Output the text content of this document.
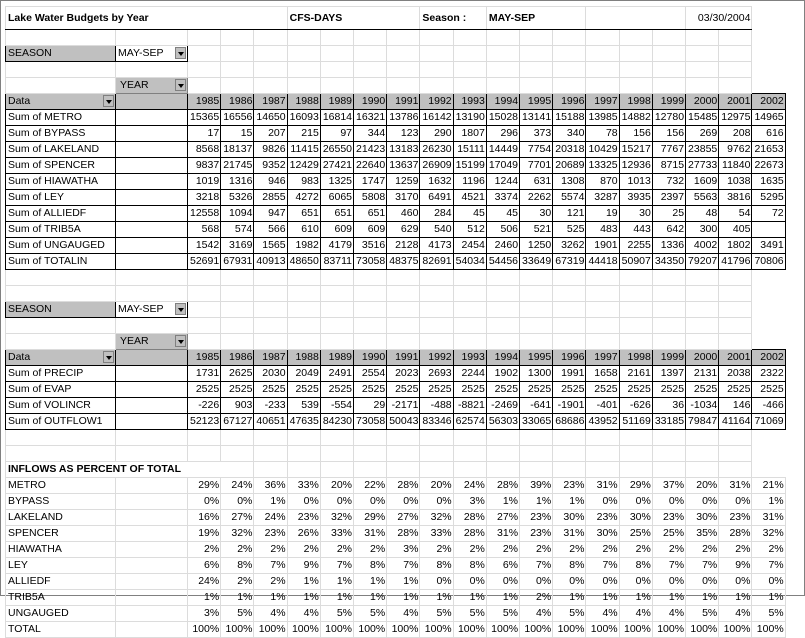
Lake Water Budgets by Year					CFS-DAYS				Season :		MAY-SEP						03/30/2004		

SEASON	MAY-SEP	

	YEAR	

Data		1985	1986	1987	1988	1989	1990	1991	1992	1993	1994	1995	1996	1997	1998	1999	2000	2001	2002
Sum of METRO		15365	16556	14650	16093	16814	16321	13786	16142	13190	15028	13141	15188	13985	14882	12780	15485	12975	14965
Sum of BYPASS		17	15	207	215	97	344	123	290	1807	296	373	340	78	156	156	269	208	616
Sum of LAKELAND		8568	18137	9826	11415	26550	21423	13183	26230	15111	14449	7754	20318	10429	15217	7767	23855	9762	21653
Sum of SPENCER		9837	21745	9352	12429	27421	22640	13637	26909	15199	17049	7701	20689	13325	12936	8715	27733	11840	22673
Sum of HIAWATHA		1019	1316	946	983	1325	1747	1259	1632	1196	1244	631	1308	870	1013	732	1609	1038	1635
Sum of LEY		3218	5326	2855	4272	6065	5808	3170	6491	4521	3374	2262	5574	3287	3935	2397	5563	3816	5295
Sum of ALLIEDF		12558	1094	947	651	651	651	460	284	45	45	30	121	19	30	25	48	54	72
Sum of TRIB5A		568	574	566	610	609	609	629	540	512	506	521	525	483	443	642	300	405	
Sum of UNGAUGED		1542	3169	1565	1982	4179	3516	2128	4173	2454	2460	1250	3262	1901	2255	1336	4002	1802	3491
Sum of TOTALIN		52691	67931	40913	48650	83711	73058	48375	82691	54034	54456	33649	67319	44418	50907	34350	79207	41796	70806

SEASON	MAY-SEP	

	YEAR	

Data		1985	1986	1987	1988	1989	1990	1991	1992	1993	1994	1995	1996	1997	1998	1999	2000	2001	2002
Sum of PRECIP		1731	2625	2030	2049	2491	2554	2023	2693	2244	1902	1300	1991	1658	2161	1397	2131	2038	2322
Sum of EVAP		2525	2525	2525	2525	2525	2525	2525	2525	2525	2525	2525	2525	2525	2525	2525	2525	2525	2525
Sum of VOLINCR		-226	903	-233	539	-554	29	-2171	-488	-8821	-2469	-641	-1901	-401	-626	36	-1034	146	-466
Sum of OUTFLOW1		52123	67127	40651	47635	84230	73058	50043	83346	62574	56303	33065	68686	43952	51169	33185	79847	41164	71069

INFLOWS AS PERCENT OF TOTAL																			
METRO		29%	24%	36%	33%	20%	22%	28%	20%	24%	28%	39%	23%	31%	29%	37%	20%	31%	21%
BYPASS		0%	0%	1%	0%	0%	0%	0%	0%	3%	1%	1%	1%	0%	0%	0%	0%	0%	1%
LAKELAND		16%	27%	24%	23%	32%	29%	27%	32%	28%	27%	23%	30%	23%	30%	23%	30%	23%	31%
SPENCER		19%	32%	23%	26%	33%	31%	28%	33%	28%	31%	23%	31%	30%	25%	25%	35%	28%	32%
HIAWATHA		2%	2%	2%	2%	2%	2%	3%	2%	2%	2%	2%	2%	2%	2%	2%	2%	2%	2%
LEY		6%	8%	7%	9%	7%	8%	7%	8%	8%	6%	7%	8%	7%	8%	7%	7%	9%	7%
ALLIEDF		24%	2%	2%	1%	1%	1%	1%	0%	0%	0%	0%	0%	0%	0%	0%	0%	0%	0%
TRIB5A		1%	1%	1%	1%	1%	1%	1%	1%	1%	1%	2%	1%	1%	1%	1%	1%	1%	1%
UNGAUGED		3%	5%	4%	4%	5%	5%	4%	5%	5%	5%	4%	5%	4%	4%	4%	5%	4%	5%
TOTAL		100%	100%	100%	100%	100%	100%	100%	100%	100%	100%	100%	100%	100%	100%	100%	100%	100%	100%
